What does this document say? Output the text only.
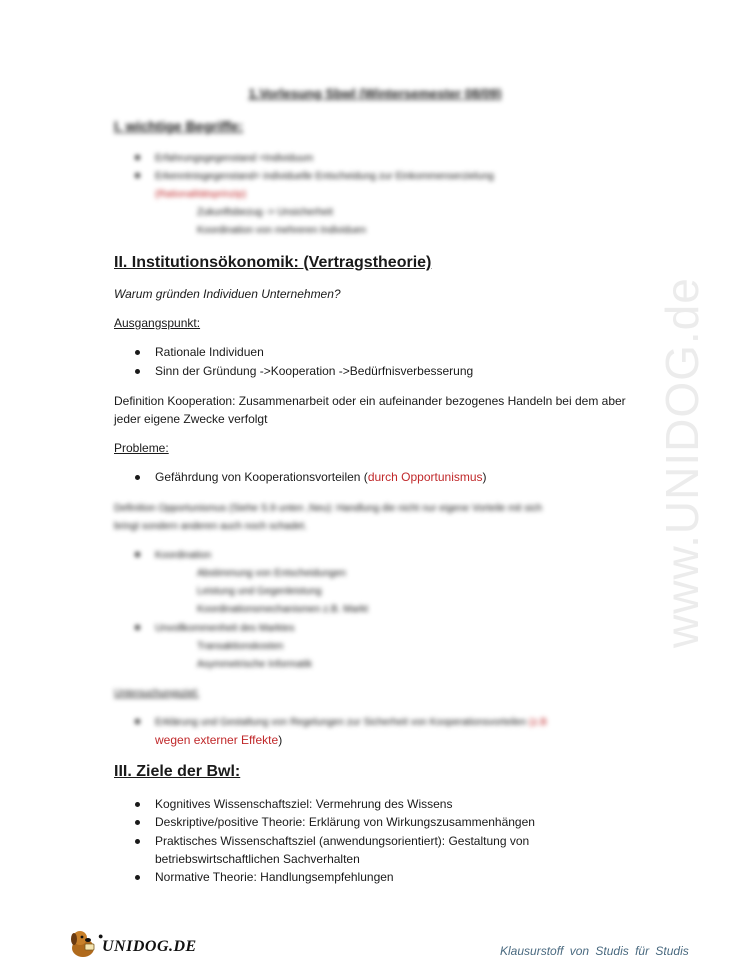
www.UNIDOG.de
1.Vorlesung Sbwl (Wintersemester 08/09)
I. wichtige Begriffe:
Erfahrungsgegenstand =Individuum
Erkenntnisgegenstand= individuelle Entscheidung zur Einkommenserzielung
(Rationalitätsprinzip)
Zukunftsbezug -> Unsicherheit
Koordination von mehreren Individuen
II. Institutionsökonomik: (Vertragstheorie)
Warum gründen Individuen Unternehmen?
Ausgangspunkt:
Rationale Individuen
Sinn der Gründung ->Kooperation ->Bedürfnisverbesserung
Definition Kooperation: Zusammenarbeit oder ein aufeinander bezogenes Handeln bei dem aber
jeder eigene Zwecke verfolgt
Probleme:
Gefährdung von Kooperationsvorteilen (durch Opportunismus)
Definition Opportunismus (Siehe S.9 unten ,Neu): Handlung die nicht nur eigene Vorteile mit sich
bringt sondern anderen auch noch schadet.
Koordination
Abstimmung von Entscheidungen
Leistung und Gegenleistung
Koordinationsmechanismen z.B. Markt
Unvollkommenheit des Marktes
Transaktionskosten
Asymmetrische Informatik
Untersuchungsziel:
Erklärung und Gestaltung von Regelungen zur Sicherheit von Kooperationsvorteilen (z.B
wegen externer Effekte)
III. Ziele der Bwl:
Kognitives Wissenschaftsziel: Vermehrung des Wissens
Deskriptive/positive Theorie: Erklärung von Wirkungszusammenhängen
Praktisches Wissenschaftsziel (anwendungsorientiert): Gestaltung von
betriebswirtschaftlichen Sachverhalten
Normative Theorie: Handlungsempfehlungen
●
UNIDOG.DE	Klausurstoff von Studis für Studis
